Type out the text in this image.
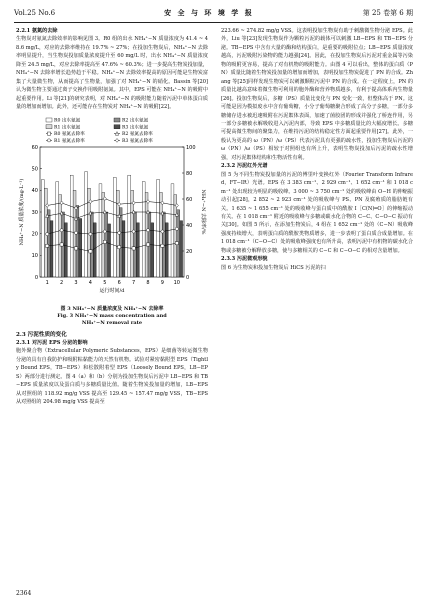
Vol.25 No.6	安 全 与 环 境 学 报	第 25 卷第 6 期

2.2.1 氨氮的去除

生物炭对氨氮去除效率的影响见图 3。R0 组的出水 NH₄⁺−N 质量浓度为 41.4 ~ 48.6 mg/L，对应的去除率维持在 19.7% ~ 27%；在投加生物炭后，NH₄⁺−N 去除率明显提升，当生物炭投加质量浓度提升至 60 mg/L 时，出水 NH₄⁺−N 质量浓度降至 24.5 mg/L，对应去除率提高至 47.6% ~ 60.3%；进一步提高生物炭投加量，NH₄⁺−N 去除率增长趋势趋于平稳。NH₄⁺−N 去除效率提高的原因可能是生物炭富集了大量微生物，从而提高了生物量，加强了对 NH₄⁺−N 的硝化。Bassin 等[20]认为微生物主要通过离子交换作用吸附氨氮。其中，EPS 可能在 NH₄⁺−N 的吸附中起重要作用。Li 等[21]的研究表明，对 NH₄⁺−N 的吸附能力随着污泥中单体蛋白质量的增加而增加。此外，还可能存在生物炭对 NH₄⁺−N 的吸附[22]。

0
10
20
30
40
50
60
0
20
40
60
80
100
1 2 3 4 5 6 7 8 9 10
运行时间/d
NH₄⁺−N 质量浓度/(mg·L⁻¹)	NH₄⁺−N 去除率/%
R0 出水氨氮
R1 出水氨氮
R2 出水氨氮
R3 出水氨氮
R0 氨氮去除率
R1 氨氮去除率
R2 氨氮去除率
R3 氨氮去除率
图 3 NH₄⁺−N 质量浓度及 NH₄⁺−N 去除率
Fig. 3 NH₄⁺−N mass concentration and
NH₄⁺−N removal rate

2.3 污泥性质的变化

2.3.1 对污泥 EPS 分泌的影响

胞外聚合物（Extracellular Polymeric Substances，EPS）是细菌等转运微生物分泌的具有自我防护和吸附粘黏能力的天然有机物。试验对紧密黏附型 EPS（Tightly Bound EPS，TB−EPS）和松散附着型 EPS（Loosely Bound EPS，LB−EPS）两部分进行测定。图 4（a）和（b）分别为投加生物炭后污泥中 LB−EPS 和 TB−EPS 质量浓度以及蛋白质与多糖质量比值。随着生物炭投加量的增加，LB−EPS 从对照组的 118.92 mg/g VSS 提高至 129.45 ~ 157.47 mg/g VSS，TB−EPS 从对照组的 204.98 mg/g VSS 提高至

223.66 ~ 274.82 mg/g VSS。这表明投加生物炭有助于刺激微生物分泌 EPS。此外，Liu 等[23]发现生物炭作为颗粒污泥的载体可以刺激 LB−EPS 和 TB−EPS 分泌。TB−EPS 中含有大量的酶和结构蛋白，是重要的吸附位点；LB−EPS 质量浓度越高，污泥吸附污染物的能力越强[24]。因此，在投加生物炭后污泥对重金属等污染物的吸附更容易，提高了对有机物的吸附能力。由图 4 可以看出，整体的蛋白质（PN）质量比随着生物炭投加量的增加而增加，表明投加生物炭促进了 PN 的合成。Zhang 等[25]同样发现生物炭可以刺激颗粒污泥中 PN 的合成。在一定程度上，PN 的质量比越高意味着微生物可利用的胞外酶和营养物质越多，有利于提高体系内生物量[26]。投加生物炭后，多糖（PS）质量比变化与 PN 变化一致，但整体高于 PN。这可能是因为模拟废水中含有葡萄糖，小分子葡萄糖聚合形成了高分子多糖，一部分多糖储存进水被迅速吸附在污泥絮体表面，加速了菌胶团的形成并强化了桥连作用，另一部分多糖被水解吸收进入污泥内部，导致 EPS 中多糖质量比的大幅度增长。多糖可提高微生物间的聚集力，在维持污泥的结构稳定性方面起重要作用[27]。此外，一般认为更高的 ω（PN）/ω（PS）代表污泥具有更强的疏水性，投加生物炭后污泥的 ω（PN）/ω（PS）相较于对照组也有所上升，表明生物炭投加后污泥的疏水性增强，对污泥絮体结构和生物活性有利。

2.3.2 污泥红外光谱

图 5 为不同生物炭投加量的污泥的傅里叶变换红外（Fourier Transform Infrared，FT−IR）光谱。EPS 在 3 383 cm⁻¹、2 929 cm⁻¹、1 652 cm⁻¹ 和 1 018 cm⁻¹ 处出现较为明显的吸收峰。3 000 ~ 3 750 cm⁻¹ 处的吸收峰由 O−H 的伸缩振动引起[28]，2 852 ~ 2 923 cm⁻¹ 处的吸收峰与 PS、PN 及腐殖质的脂肪链有关。1 635 ~ 1 655 cm⁻¹ 处的吸收峰与蛋白质中的酰胺 I［C(N)═O］的伸缩振动有关。在 1 018 cm⁻¹ 附近的吸收峰与多糖或碳水化合物的 C−C、C−O−C 振动有关[30]。如图 5 所示，在添加生物炭后，4 组在 1 652 cm⁻¹ 处的（C−N）吸收峰强度持续增大，表明蛋白质的酰胺类物质增多，进一步表明了蛋白质合成量增加。在 1 018 cm⁻¹（C−O−C）处的吸收峰强度也有所升高，表明污泥中有机物的碳水化合物或多糖被分解释放多糖，使与多糖相关的 C−C 和 C−O−C 的相对含量增加。

2.3.3 污泥微观形貌

图 6 为生物炭和投加生物炭后 HiCS 污泥的扫

2364
